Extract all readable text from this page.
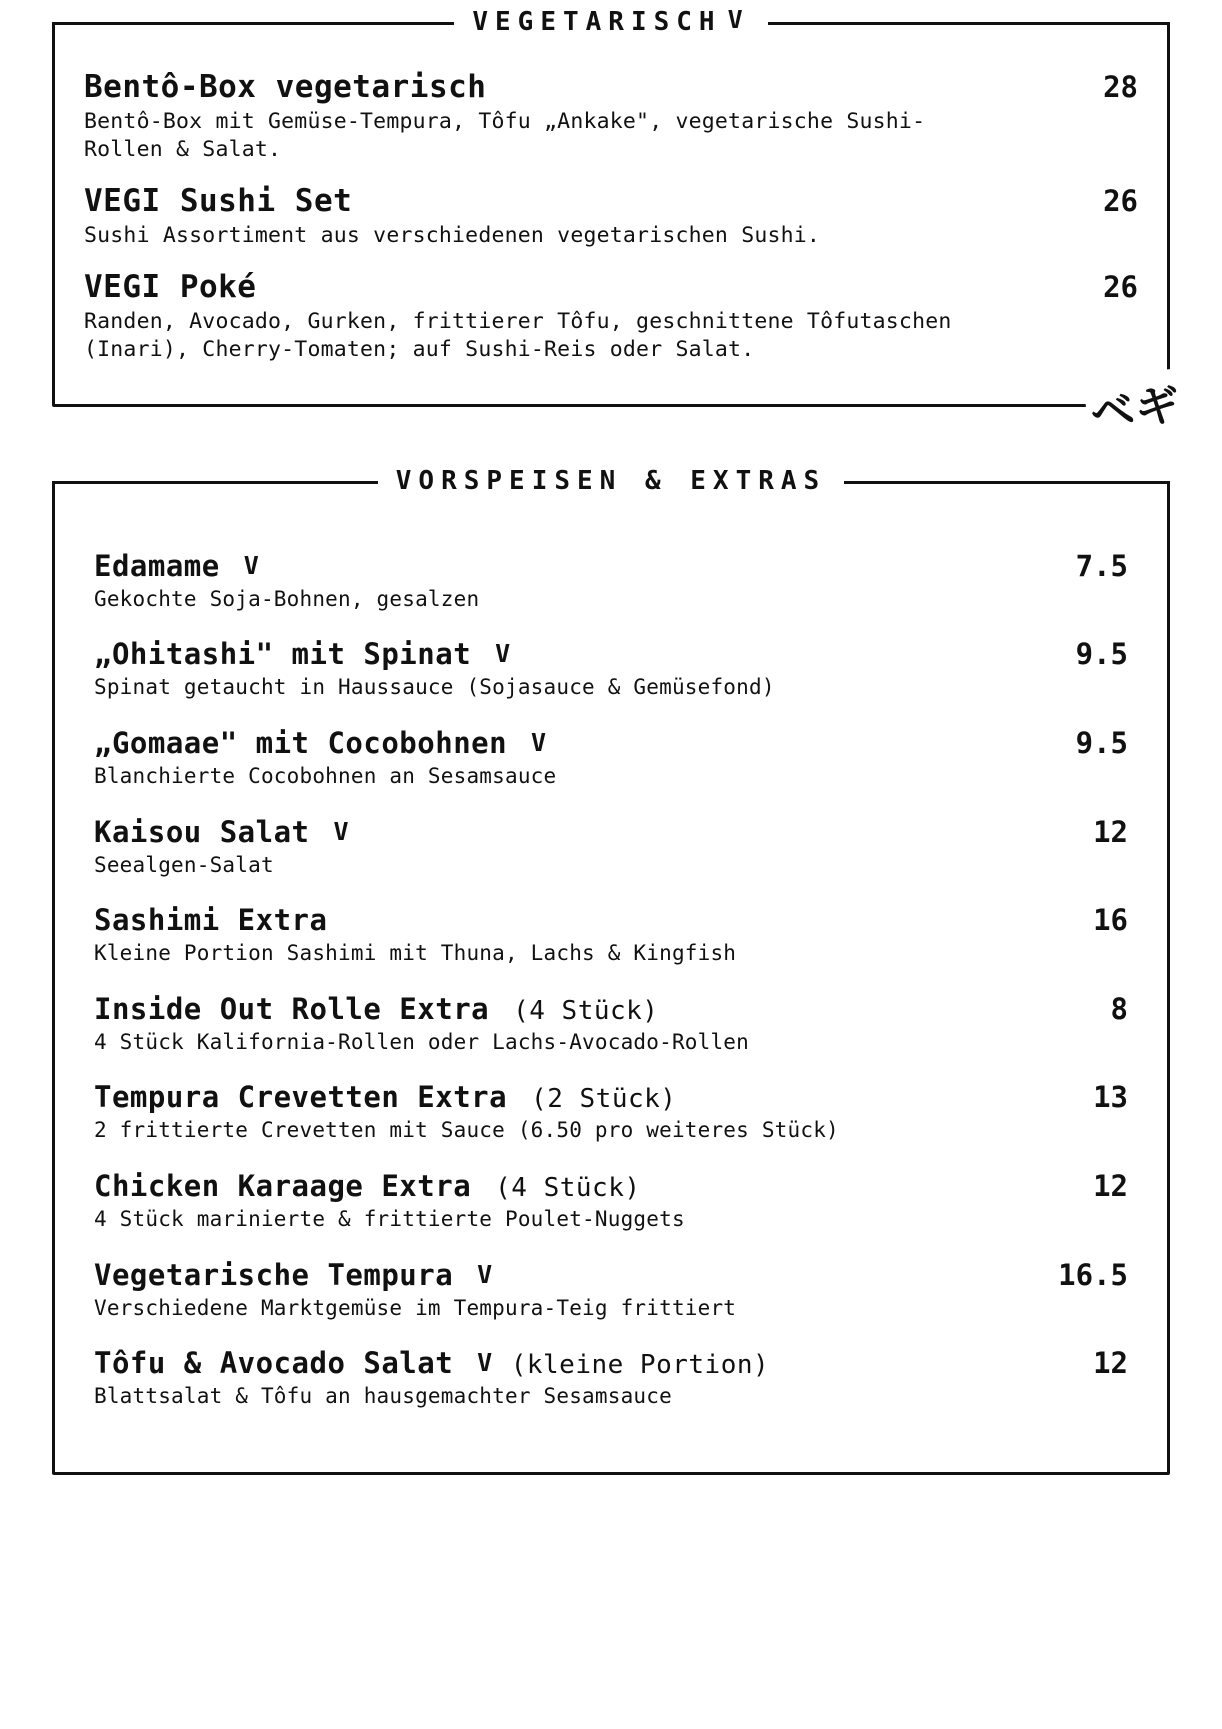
VEGETARISCH V
Bentô-Box vegetarisch	28
Bentô-Box mit Gemüse-Tempura, Tôfu „Ankake", vegetarische Sushi-Rollen & Salat.
VEGI Sushi Set	26
Sushi Assortiment aus verschiedenen vegetarischen Sushi.
VEGI Poké	26
Randen, Avocado, Gurken, frittierer Tôfu, geschnittene Tôfutaschen (Inari), Cherry-Tomaten; auf Sushi-Reis oder Salat.
ベギ
VORSPEISEN & EXTRAS
Edamame V	7.5
Gekochte Soja-Bohnen, gesalzen
„Ohitashi" mit Spinat V	9.5
Spinat getaucht in Haussauce (Sojasauce & Gemüsefond)
„Gomaae" mit Cocobohnen V	9.5
Blanchierte Cocobohnen an Sesamsauce
Kaisou Salat V	12
Seealgen-Salat
Sashimi Extra	16
Kleine Portion Sashimi mit Thuna, Lachs & Kingfish
Inside Out Rolle Extra (4 Stück)	8
4 Stück Kalifornia-Rollen oder Lachs-Avocado-Rollen
Tempura Crevetten Extra (2 Stück)	13
2 frittierte Crevetten mit Sauce (6.50 pro weiteres Stück)
Chicken Karaage Extra (4 Stück)	12
4 Stück marinierte & frittierte Poulet-Nuggets
Vegetarische Tempura V	16.5
Verschiedene Marktgemüse im Tempura-Teig frittiert
Tôfu & Avocado Salat V (kleine Portion)	12
Blattsalat & Tôfu an hausgemachter Sesamsauce
